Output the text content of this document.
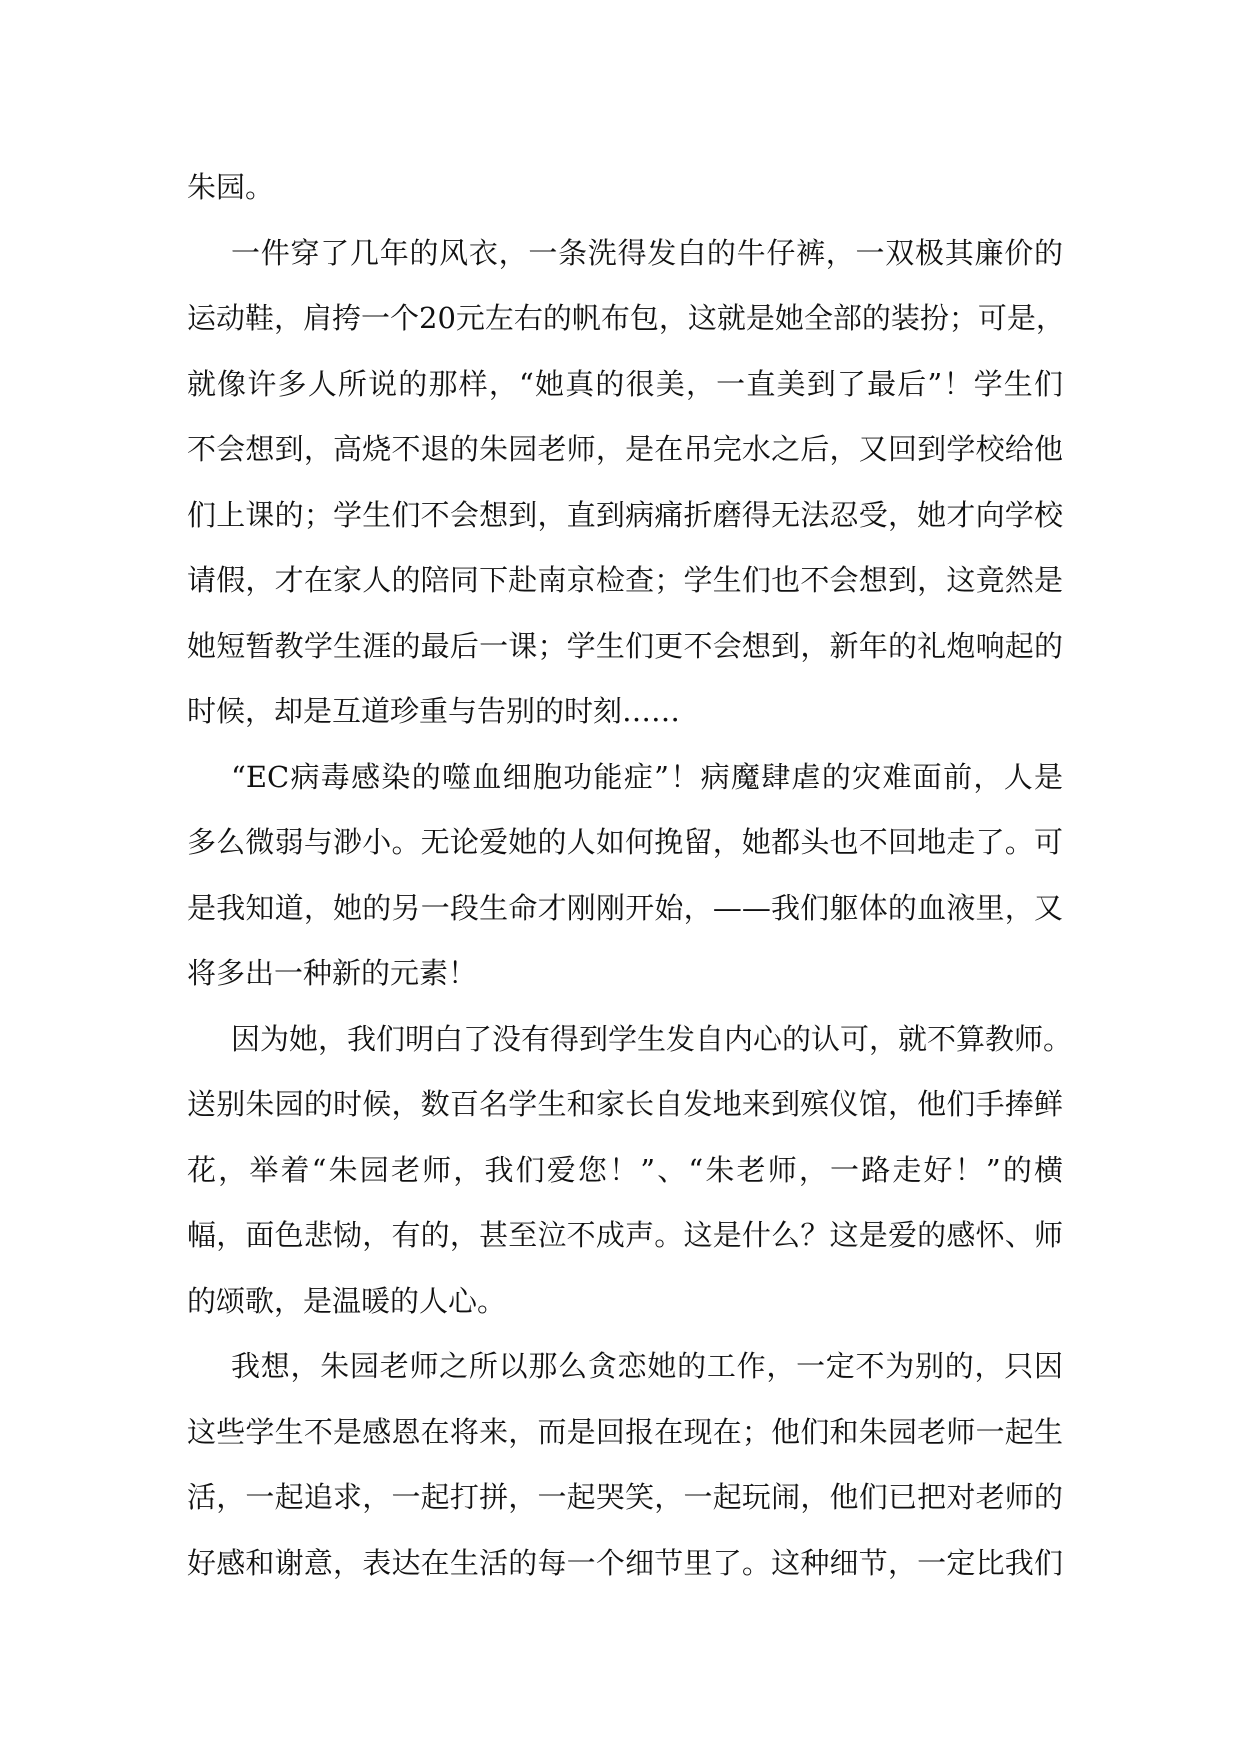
朱园。
一件穿了几年的风衣，一条洗得发白的牛仔裤，一双极其廉价的
运动鞋，肩挎一个20元左右的帆布包，这就是她全部的装扮；可是，
就像许多人所说的那样，“她真的很美，一直美到了最后”！学生们
不会想到，高烧不退的朱园老师，是在吊完水之后，又回到学校给他
们上课的；学生们不会想到，直到病痛折磨得无法忍受，她才向学校
请假，才在家人的陪同下赴南京检查；学生们也不会想到，这竟然是
她短暂教学生涯的最后一课；学生们更不会想到，新年的礼炮响起的
时候，却是互道珍重与告别的时刻……
“EC病毒感染的噬血细胞功能症”！病魔肆虐的灾难面前，人是
多么微弱与渺小。无论爱她的人如何挽留，她都头也不回地走了。可
是我知道，她的另一段生命才刚刚开始，——我们躯体的血液里，又
将多出一种新的元素！
因为她，我们明白了没有得到学生发自内心的认可，就不算教师。
送别朱园的时候，数百名学生和家长自发地来到殡仪馆，他们手捧鲜
花，举着“朱园老师，我们爱您！”、“朱老师，一路走好！”的横
幅，面色悲恸，有的，甚至泣不成声。这是什么？这是爱的感怀、师
的颂歌，是温暖的人心。
我想，朱园老师之所以那么贪恋她的工作，一定不为别的，只因
这些学生不是感恩在将来，而是回报在现在；他们和朱园老师一起生
活，一起追求，一起打拼，一起哭笑，一起玩闹，他们已把对老师的
好感和谢意，表达在生活的每一个细节里了。这种细节，一定比我们
